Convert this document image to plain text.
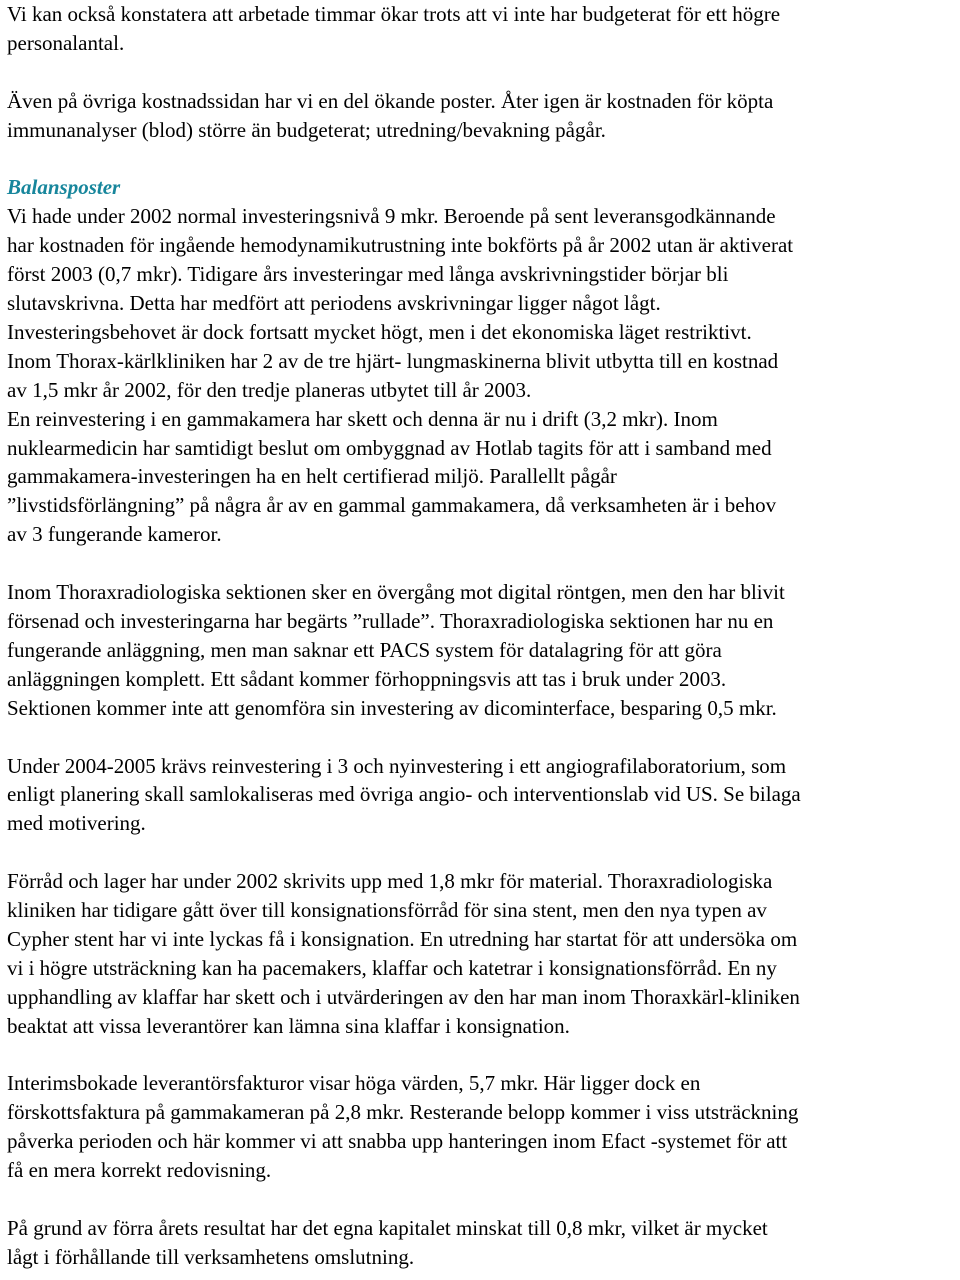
Vi kan också konstatera att arbetade timmar ökar trots att vi inte har budgeterat för ett högre
personalantal.

Även på övriga kostnadssidan har vi en del ökande poster. Åter igen är kostnaden för köpta
immunanalyser (blod) större än budgeterat; utredning/bevakning pågår.

Balansposter

Vi hade under 2002 normal investeringsnivå 9 mkr. Beroende på sent leveransgodkännande
har kostnaden för ingående hemodynamikutrustning inte bokförts på år 2002 utan är aktiverat
först 2003 (0,7 mkr). Tidigare års investeringar med långa avskrivningstider börjar bli
slutavskrivna. Detta har medfört att periodens avskrivningar ligger något lågt.
Investeringsbehovet är dock fortsatt mycket högt, men i det ekonomiska läget restriktivt.
Inom Thorax-kärlkliniken har 2 av de tre hjärt- lungmaskinerna blivit utbytta till en kostnad
av 1,5 mkr år 2002, för den tredje planeras utbytet till år 2003.
En reinvestering i en gammakamera har skett och denna är nu i drift (3,2 mkr). Inom
nuklearmedicin har samtidigt beslut om ombyggnad av Hotlab tagits för att i samband med
gammakamera-investeringen ha en helt certifierad miljö. Parallellt pågår
”livstidsförlängning” på några år av en gammal gammakamera, då verksamheten är i behov
av 3 fungerande kameror.

Inom Thoraxradiologiska sektionen sker en övergång mot digital röntgen, men den har blivit
försenad och investeringarna har begärts ”rullade”. Thoraxradiologiska sektionen har nu en
fungerande anläggning, men man saknar ett PACS system för datalagring för att göra
anläggningen komplett. Ett sådant kommer förhoppningsvis att tas i bruk under 2003.
Sektionen kommer inte att genomföra sin investering av dicominterface, besparing 0,5 mkr.

Under 2004-2005 krävs reinvestering i 3 och nyinvestering i ett angiografilaboratorium, som
enligt planering skall samlokaliseras med övriga angio- och interventionslab vid US. Se bilaga
med motivering.

Förråd och lager har under 2002 skrivits upp med 1,8 mkr för material. Thoraxradiologiska
kliniken har tidigare gått över till konsignationsförråd för sina stent, men den nya typen av
Cypher stent har vi inte lyckas få i konsignation. En utredning har startat för att undersöka om
vi i högre utsträckning kan ha pacemakers, klaffar och katetrar i konsignationsförråd. En ny
upphandling av klaffar har skett och i utvärderingen av den har man inom Thoraxkärl-kliniken
beaktat att vissa leverantörer kan lämna sina klaffar i konsignation.

Interimsbokade leverantörsfakturor visar höga värden, 5,7 mkr. Här ligger dock en
förskottsfaktura på gammakameran på 2,8 mkr. Resterande belopp kommer i viss utsträckning
påverka perioden och här kommer vi att snabba upp hanteringen inom Efact -systemet för att
få en mera korrekt redovisning.

På grund av förra årets resultat har det egna kapitalet minskat till 0,8 mkr, vilket är mycket
lågt i förhållande till verksamhetens omslutning.
